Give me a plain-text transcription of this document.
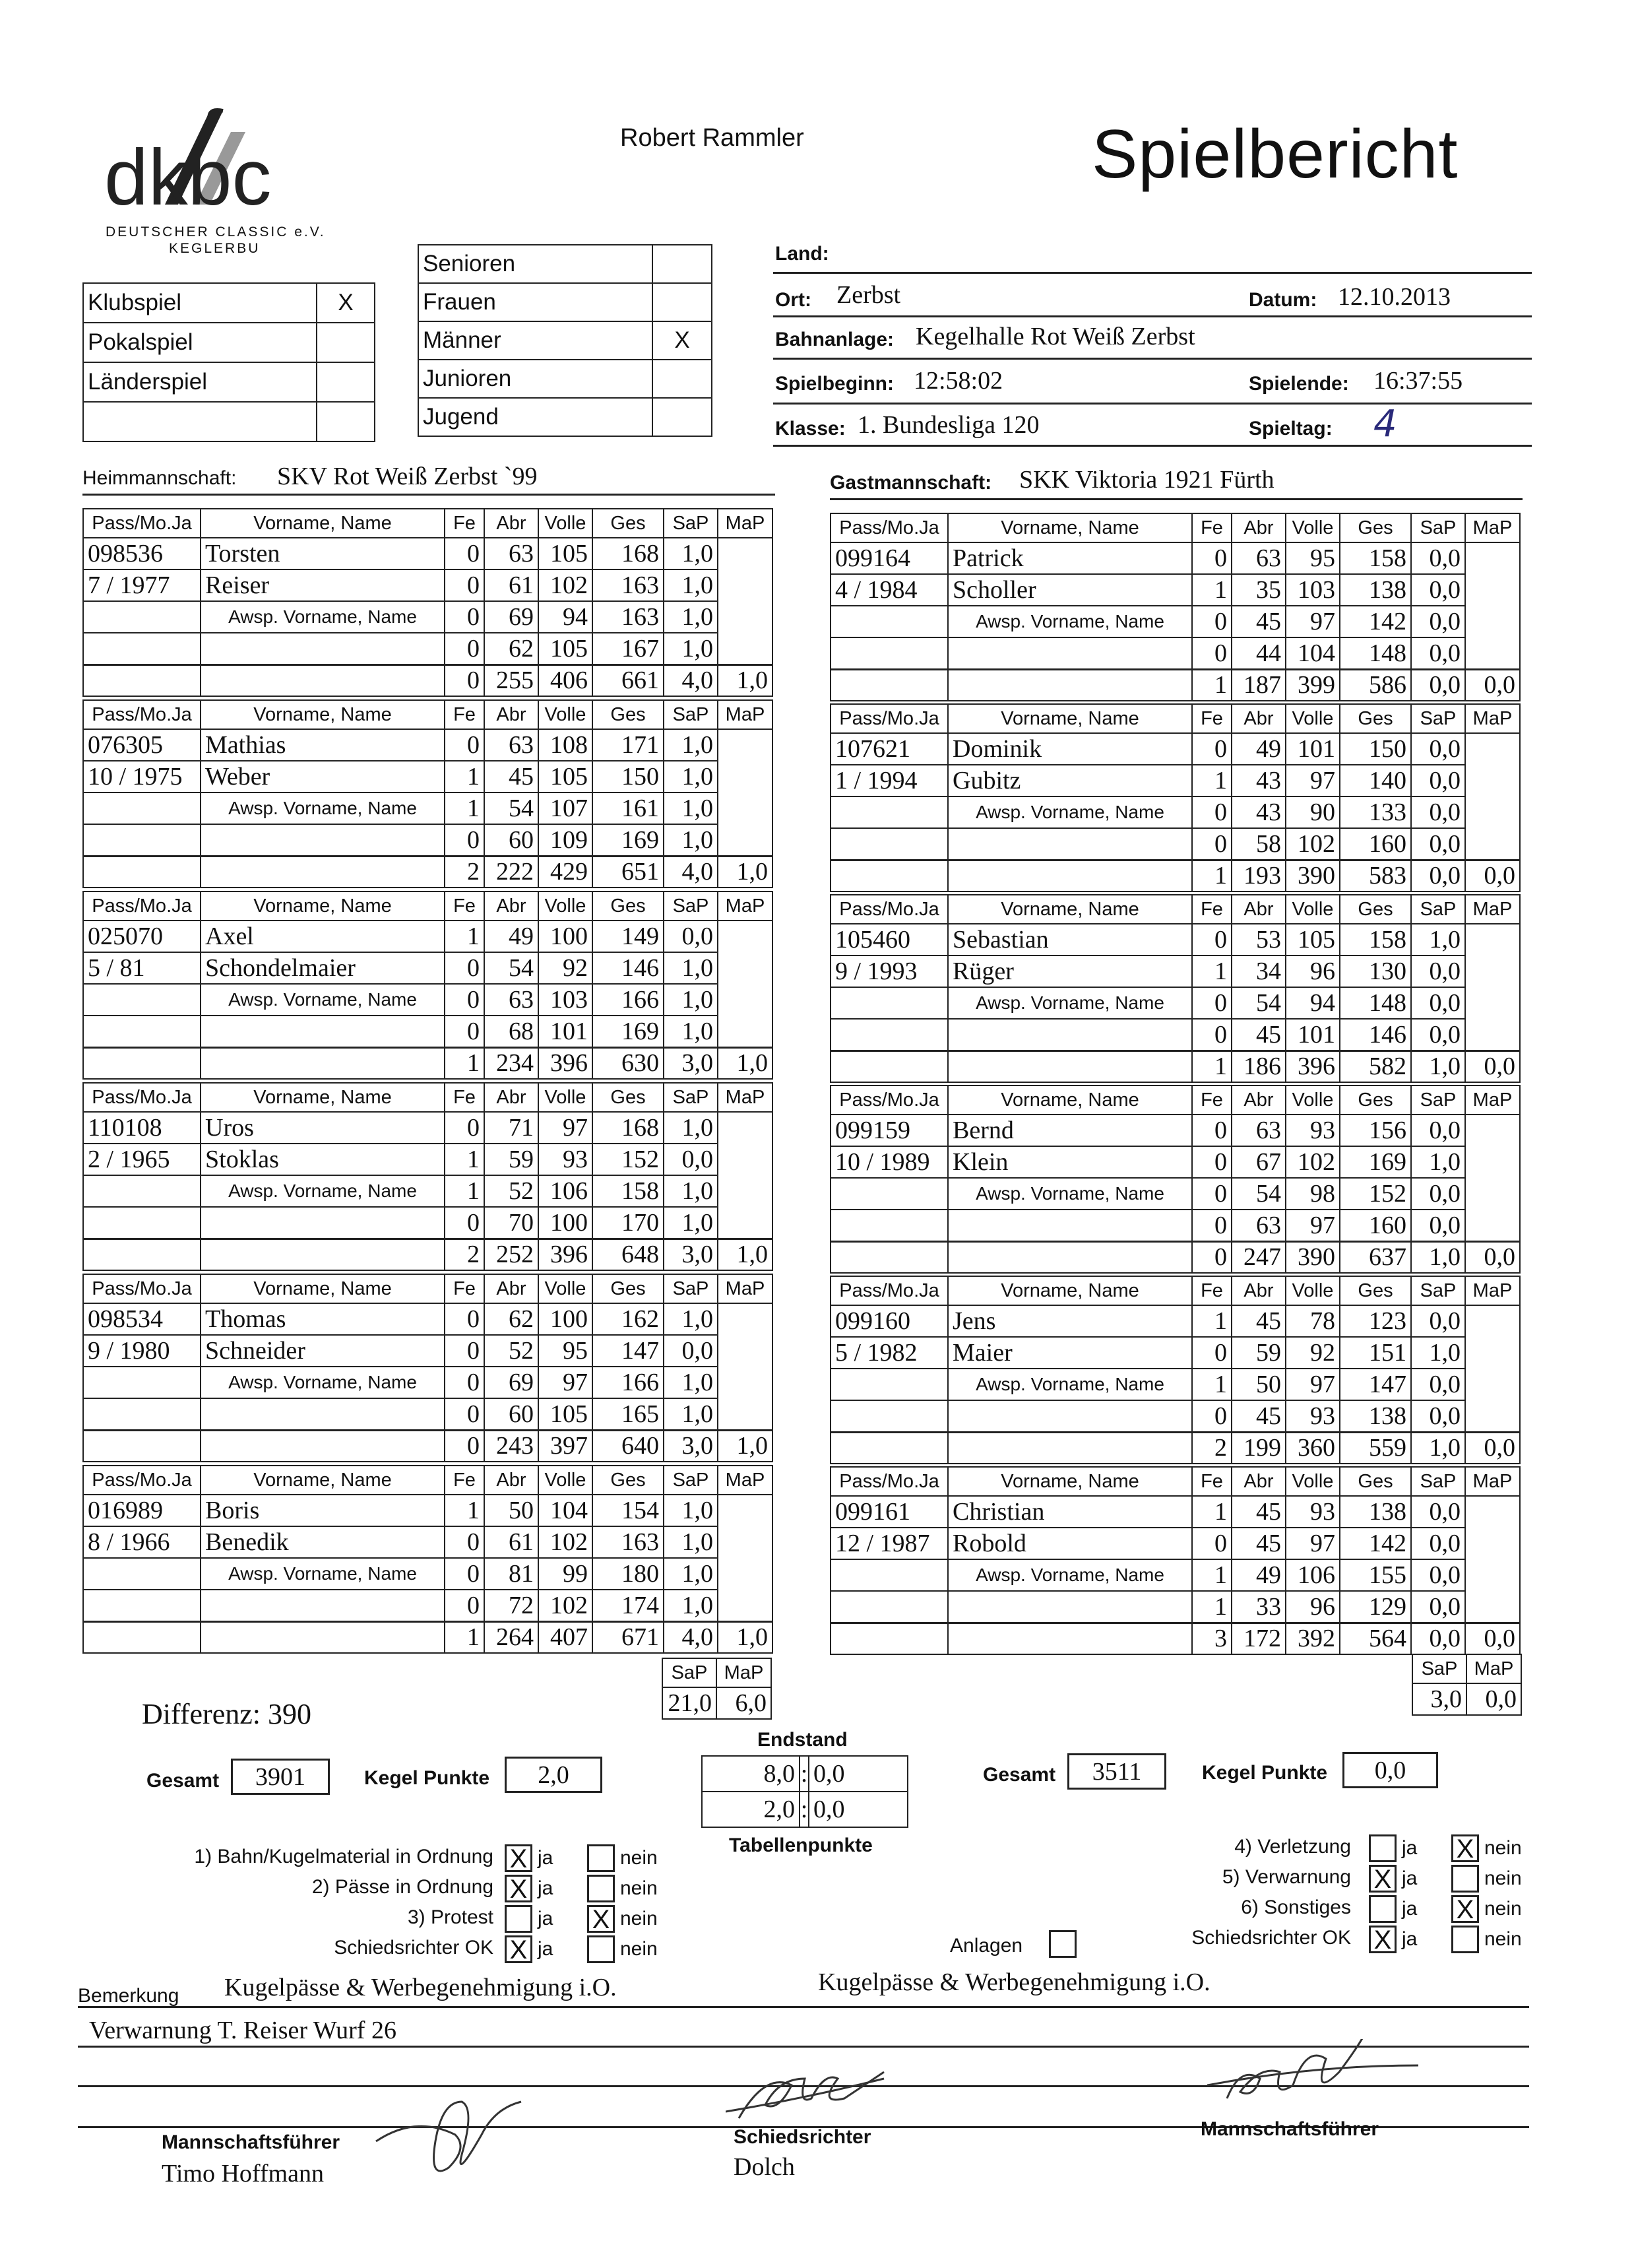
dkbc
DEUTSCHER CLASSIC e.V.
KEGLERBU
Robert Rammler	Spielbericht
Klubspiel	X
Pokalspiel	
Länderspiel	

Senioren	
Frauen	
Männer	X
Junioren	
Jugend	
Land:
Ort: Zerbst	Datum: 12.10.2013
Bahnanlage: Kegelhalle Rot Weiß Zerbst
Spielbeginn: 12:58:02	Spielende: 16:37:55
Klasse: 1. Bundesliga 120	Spieltag: 4
Heimmannschaft: SKV Rot Weiß Zerbst `99	Gastmannschaft: SKK Viktoria 1921 Fürth
Pass/Mo.Ja	Vorname, Name	Fe	Abr	Volle	Ges	SaP	MaP
098536	Torsten	0	63	105	168	1,0	
7 / 1977	Reiser	0	61	102	163	1,0	
	Awsp. Vorname, Name	0	69	94	163	1,0	
		0	62	105	167	1,0	
		0	255	406	661	4,0	1,0
Pass/Mo.Ja	Vorname, Name	Fe	Abr	Volle	Ges	SaP	MaP
076305	Mathias	0	63	108	171	1,0	
10 / 1975	Weber	1	45	105	150	1,0	
	Awsp. Vorname, Name	1	54	107	161	1,0	
		0	60	109	169	1,0	
		2	222	429	651	4,0	1,0
Pass/Mo.Ja	Vorname, Name	Fe	Abr	Volle	Ges	SaP	MaP
025070	Axel	1	49	100	149	0,0	
5 / 81	Schondelmaier	0	54	92	146	1,0	
	Awsp. Vorname, Name	0	63	103	166	1,0	
		0	68	101	169	1,0	
		1	234	396	630	3,0	1,0
Pass/Mo.Ja	Vorname, Name	Fe	Abr	Volle	Ges	SaP	MaP
110108	Uros	0	71	97	168	1,0	
2 / 1965	Stoklas	1	59	93	152	0,0	
	Awsp. Vorname, Name	1	52	106	158	1,0	
		0	70	100	170	1,0	
		2	252	396	648	3,0	1,0
Pass/Mo.Ja	Vorname, Name	Fe	Abr	Volle	Ges	SaP	MaP
098534	Thomas	0	62	100	162	1,0	
9 / 1980	Schneider	0	52	95	147	0,0	
	Awsp. Vorname, Name	0	69	97	166	1,0	
		0	60	105	165	1,0	
		0	243	397	640	3,0	1,0
Pass/Mo.Ja	Vorname, Name	Fe	Abr	Volle	Ges	SaP	MaP
016989	Boris	1	50	104	154	1,0	
8 / 1966	Benedik	0	61	102	163	1,0	
	Awsp. Vorname, Name	0	81	99	180	1,0	
		0	72	102	174	1,0	
		1	264	407	671	4,0	1,0
Pass/Mo.Ja	Vorname, Name	Fe	Abr	Volle	Ges	SaP	MaP
099164	Patrick	0	63	95	158	0,0	
4 / 1984	Scholler	1	35	103	138	0,0	
	Awsp. Vorname, Name	0	45	97	142	0,0	
		0	44	104	148	0,0	
		1	187	399	586	0,0	0,0
Pass/Mo.Ja	Vorname, Name	Fe	Abr	Volle	Ges	SaP	MaP
107621	Dominik	0	49	101	150	0,0	
1 / 1994	Gubitz	1	43	97	140	0,0	
	Awsp. Vorname, Name	0	43	90	133	0,0	
		0	58	102	160	0,0	
		1	193	390	583	0,0	0,0
Pass/Mo.Ja	Vorname, Name	Fe	Abr	Volle	Ges	SaP	MaP
105460	Sebastian	0	53	105	158	1,0	
9 / 1993	Rüger	1	34	96	130	0,0	
	Awsp. Vorname, Name	0	54	94	148	0,0	
		0	45	101	146	0,0	
		1	186	396	582	1,0	0,0
Pass/Mo.Ja	Vorname, Name	Fe	Abr	Volle	Ges	SaP	MaP
099159	Bernd	0	63	93	156	0,0	
10 / 1989	Klein	0	67	102	169	1,0	
	Awsp. Vorname, Name	0	54	98	152	0,0	
		0	63	97	160	0,0	
		0	247	390	637	1,0	0,0
Pass/Mo.Ja	Vorname, Name	Fe	Abr	Volle	Ges	SaP	MaP
099160	Jens	1	45	78	123	0,0	
5 / 1982	Maier	0	59	92	151	1,0	
	Awsp. Vorname, Name	1	50	97	147	0,0	
		0	45	93	138	0,0	
		2	199	360	559	1,0	0,0
Pass/Mo.Ja	Vorname, Name	Fe	Abr	Volle	Ges	SaP	MaP
099161	Christian	1	45	93	138	0,0	
12 / 1987	Robold	0	45	97	142	0,0	
	Awsp. Vorname, Name	1	49	106	155	0,0	
		1	33	96	129	0,0	
		3	172	392	564	0,0	0,0
SaP	MaP
21,0	6,0
SaP	MaP
3,0	0,0
Differenz: 390
Gesamt	3901	Kegel Punkte	2,0	Gesamt	3511	Kegel Punkte	0,0
Endstand
8,0	:	0,0
2,0	:	0,0
Tabellenpunkte
1) Bahn/Kugelmaterial in Ordnung X ja	nein
2) Pässe in Ordnung X ja	nein
3) Protest ja X nein
Schiedsrichter OK X ja	nein
4) Verletzung	ja X nein
5) Verwarnung X ja	nein
6) Sonstiges	ja X nein
Schiedsrichter OK X ja	nein
Anlagen
Bemerkung Kugelpässe & Werbegenehmigung i.O.	Kugelpässe & Werbegenehmigung i.O.
Verwarnung T. Reiser Wurf 26
Mannschaftsführer
Timo Hoffmann
Schiedsrichter
Dolch
Mannschaftsführer
